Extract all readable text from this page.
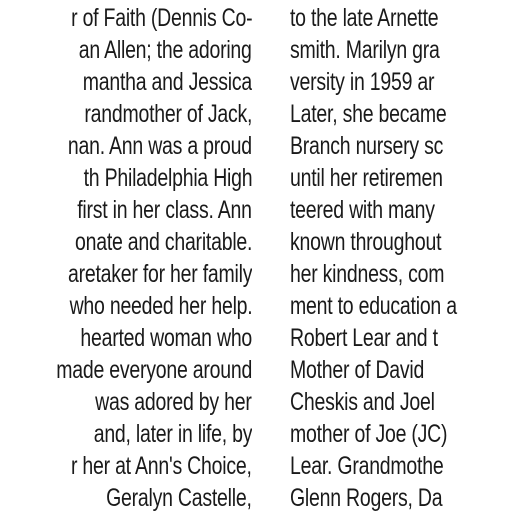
r of Faith (Dennis Co-
an Allen; the adoring
mantha and Jessica
randmother of Jack,
nan. Ann was a proud
th Philadelphia High
first in her class. Ann
onate and charitable.
aretaker for her family
who needed her help.
hearted woman who
made everyone around
was adored by her
and, later in life, by
r her at Ann's Choice,
Geralyn Castelle,
to the late Arnette
smith. Marilyn gra
versity in 1959 ar
Later, she became
Branch nursery sc
until her retiremen
teered with many
known throughout
her kindness, com
ment to education a
Robert Lear and t
Mother of David
Cheskis and Joel
mother of Joe (JC)
Lear. Grandmothe
Glenn Rogers, Da
